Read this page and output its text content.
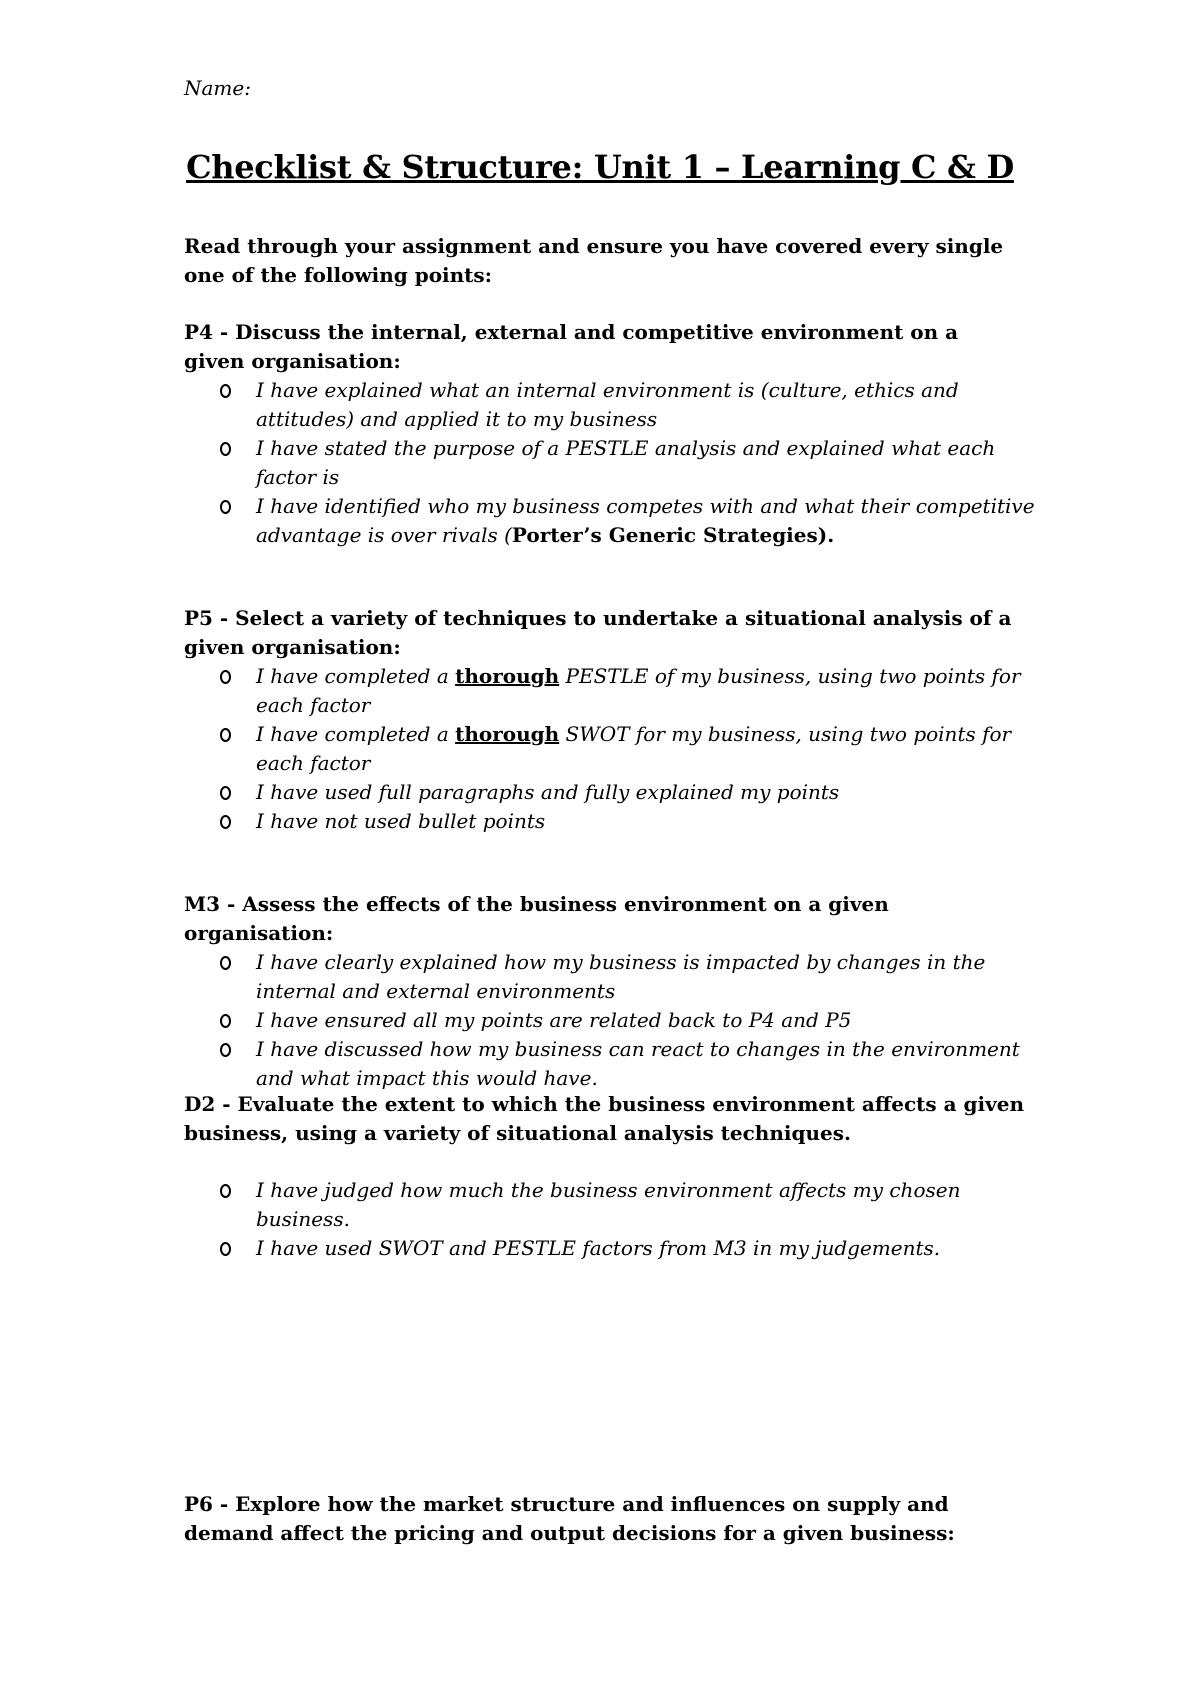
Name:
Checklist & Structure: Unit 1 – Learning C & D
Read through your assignment and ensure you have covered every single one of the following points:
P4 - Discuss the internal, external and competitive environment on a given organisation:
I have explained what an internal environment is (culture, ethics and attitudes) and applied it to my business
I have stated the purpose of a PESTLE analysis and explained what each factor is
I have identified who my business competes with and what their competitive advantage is over rivals (Porter’s Generic Strategies).
P5 - Select a variety of techniques to undertake a situational analysis of a given organisation:
I have completed a thorough PESTLE of my business, using two points for each factor
I have completed a thorough SWOT for my business, using two points for each factor
I have used full paragraphs and fully explained my points
I have not used bullet points
M3 - Assess the effects of the business environment on a given organisation:
I have clearly explained how my business is impacted by changes in the internal and external environments
I have ensured all my points are related back to P4 and P5
I have discussed how my business can react to changes in the environment and what impact this would have.
D2 - Evaluate the extent to which the business environment affects a given business, using a variety of situational analysis techniques.
I have judged how much the business environment affects my chosen business.
I have used SWOT and PESTLE factors from M3 in my judgements.
P6 - Explore how the market structure and influences on supply and demand affect the pricing and output decisions for a given business:
